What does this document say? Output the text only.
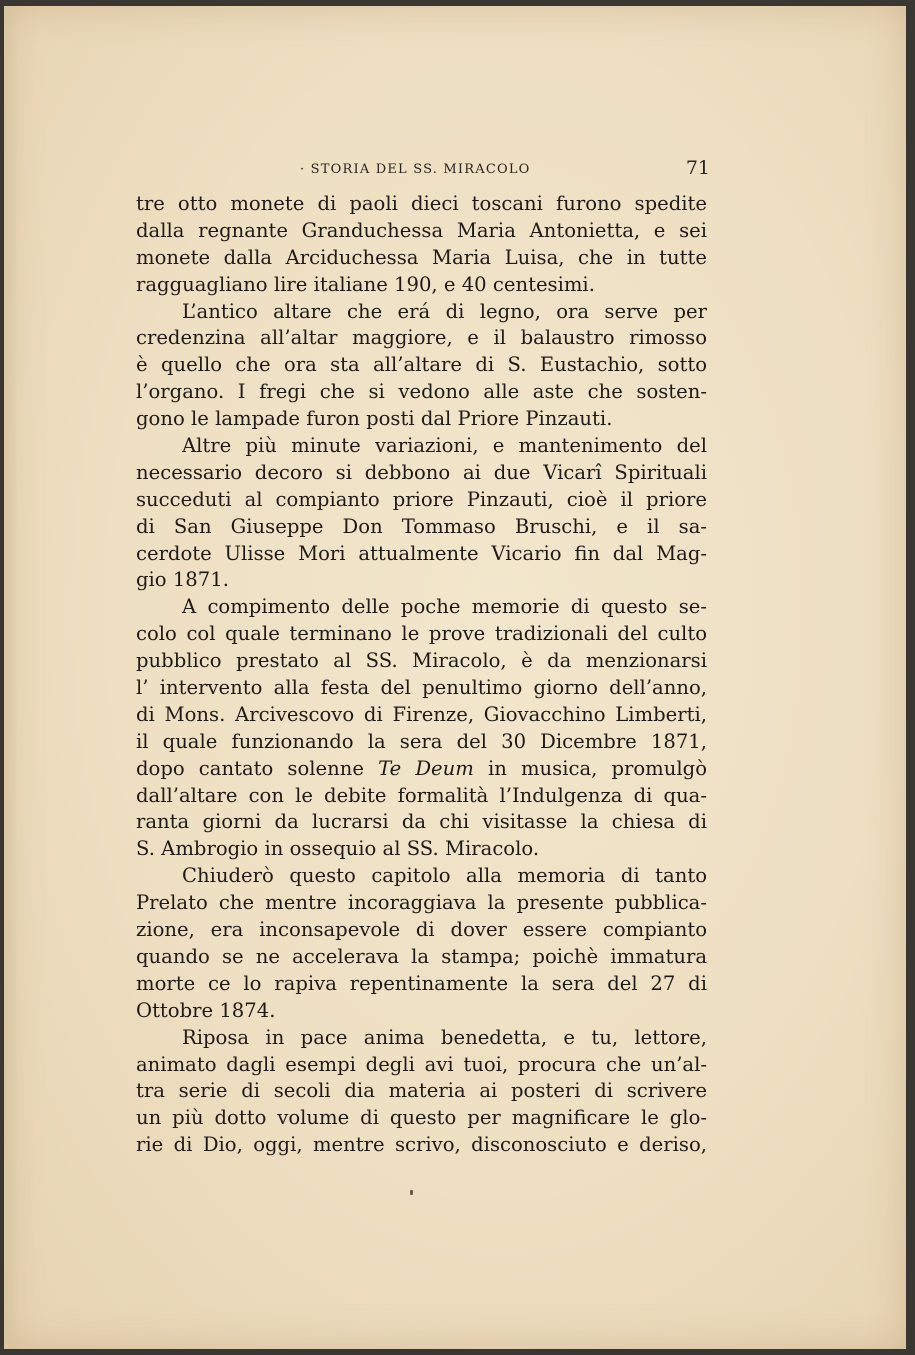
· STORIA DEL SS. MIRACOLO	71
tre otto monete di paoli dieci toscani furono spedite
dalla regnante Granduchessa Maria Antonietta, e sei
monete dalla Arciduchessa Maria Luisa, che in tutte
ragguagliano lire italiane 190, e 40 centesimi.
L’antico altare che erá di legno, ora serve per
credenzina all’altar maggiore, e il balaustro rimosso
è quello che ora sta all’altare di S. Eustachio, sotto
l’organo. I fregi che si vedono alle aste che sosten-
gono le lampade furon posti dal Priore Pinzauti.
Altre più minute variazioni, e mantenimento del
necessario decoro si debbono ai due Vicarî Spirituali
succeduti al compianto priore Pinzauti, cioè il priore
di San Giuseppe Don Tommaso Bruschi, e il sa-
cerdote Ulisse Mori attualmente Vicario fin dal Mag-
gio 1871.
A compimento delle poche memorie di questo se-
colo col quale terminano le prove tradizionali del culto
pubblico prestato al SS. Miracolo, è da menzionarsi
l’ intervento alla festa del penultimo giorno dell’anno,
di Mons. Arcivescovo di Firenze, Giovacchino Limberti,
il quale funzionando la sera del 30 Dicembre 1871,
dopo cantato solenne Te Deum in musica, promulgò
dall’altare con le debite formalità l’Indulgenza di qua-
ranta giorni da lucrarsi da chi visitasse la chiesa di
S. Ambrogio in ossequio al SS. Miracolo.
Chiuderò questo capitolo alla memoria di tanto
Prelato che mentre incoraggiava la presente pubblica-
zione, era inconsapevole di dover essere compianto
quando se ne accelerava la stampa; poichè immatura
morte ce lo rapiva repentinamente la sera del 27 di
Ottobre 1874.
Riposa in pace anima benedetta, e tu, lettore,
animato dagli esempi degli avi tuoi, procura che un’al-
tra serie di secoli dia materia ai posteri di scrivere
un più dotto volume di questo per magnificare le glo-
rie di Dio, oggi, mentre scrivo, disconosciuto e deriso,
